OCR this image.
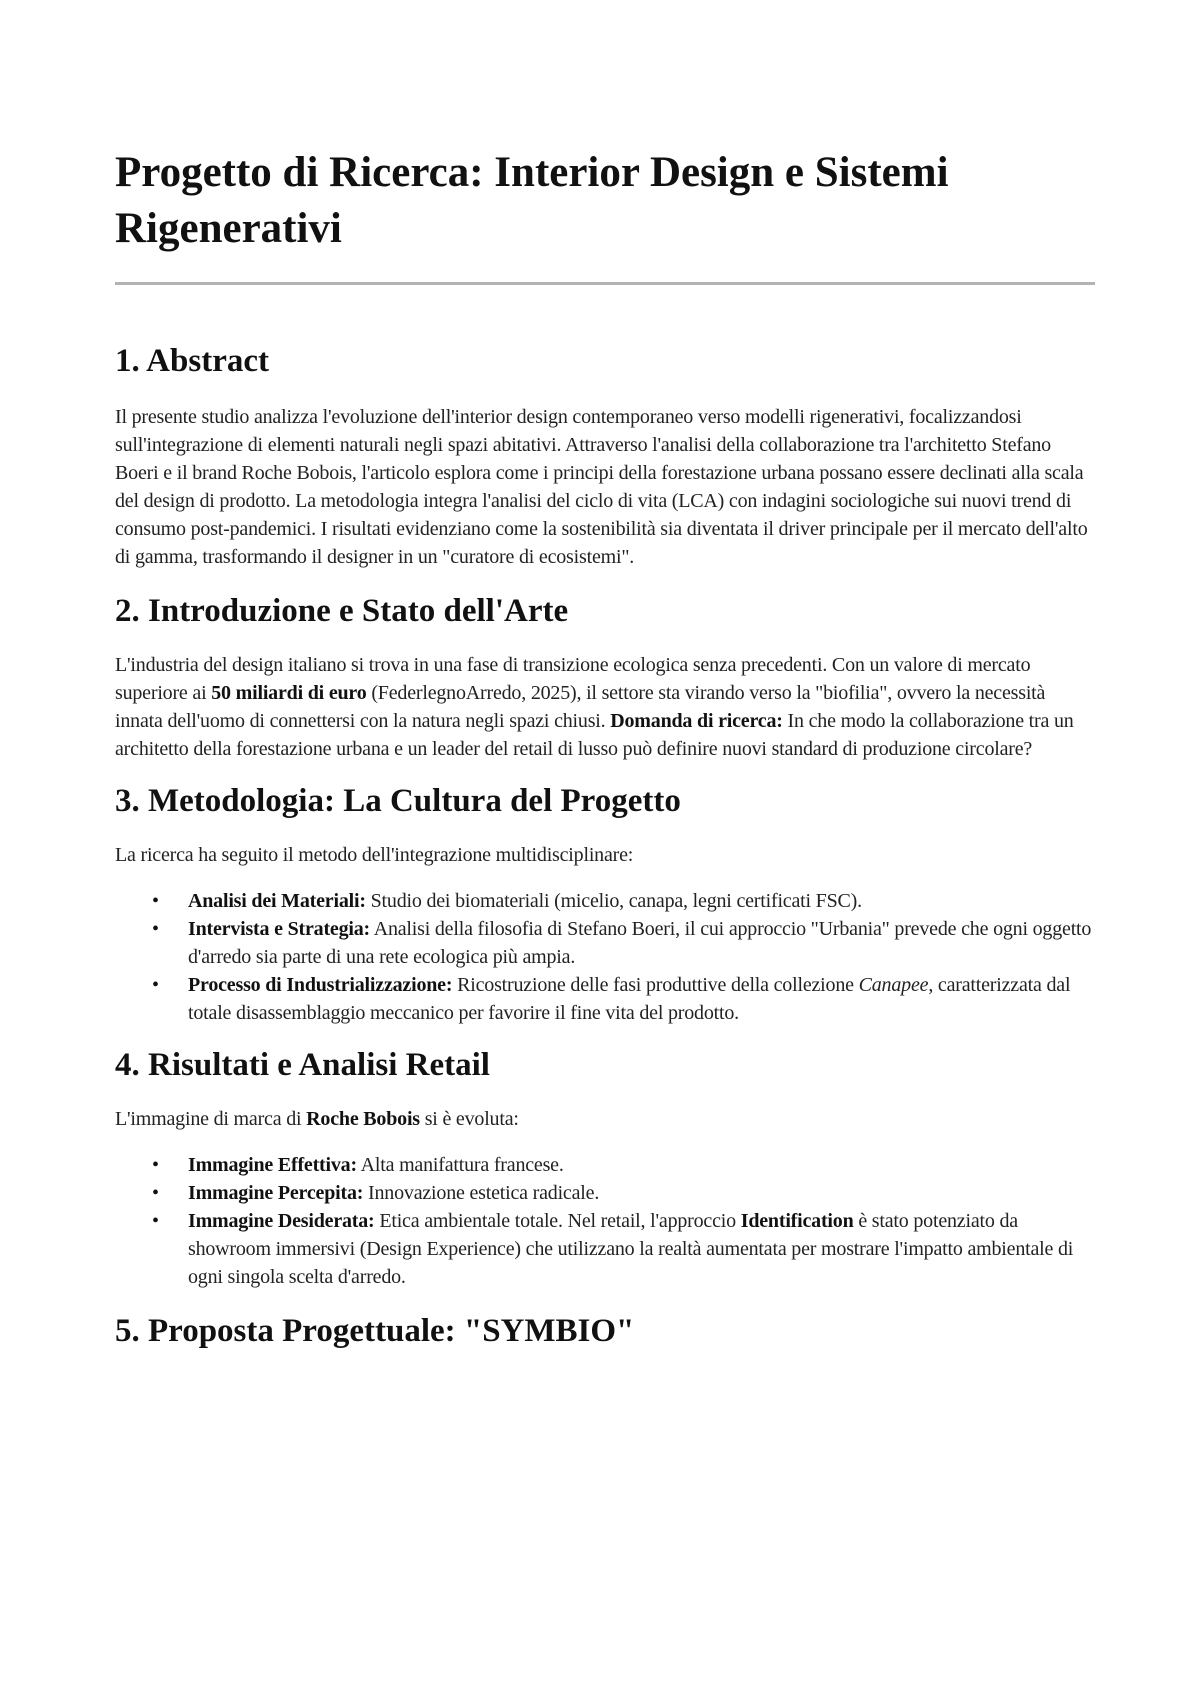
Progetto di Ricerca: Interior Design e Sistemi Rigenerativi
1. Abstract

Il presente studio analizza l'evoluzione dell'interior design contemporaneo verso modelli rigenerativi, focalizzandosi sull'integrazione di elementi naturali negli spazi abitativi. Attraverso l'analisi della collaborazione tra l'architetto Stefano Boeri e il brand Roche Bobois, l'articolo esplora come i principi della forestazione urbana possano essere declinati alla scala del design di prodotto. La metodologia integra l'analisi del ciclo di vita (LCA) con indagini sociologiche sui nuovi trend di consumo post-pandemici. I risultati evidenziano come la sostenibilità sia diventata il driver principale per il mercato dell'alto di gamma, trasformando il designer in un "curatore di ecosistemi".

2. Introduzione e Stato dell'Arte

L'industria del design italiano si trova in una fase di transizione ecologica senza precedenti. Con un valore di mercato superiore ai 50 miliardi di euro (FederlegnoArredo, 2025), il settore sta virando verso la "biofilia", ovvero la necessità innata dell'uomo di connettersi con la natura negli spazi chiusi. Domanda di ricerca: In che modo la collaborazione tra un architetto della forestazione urbana e un leader del retail di lusso può definire nuovi standard di produzione circolare?

3. Metodologia: La Cultura del Progetto

La ricerca ha seguito il metodo dell'integrazione multidisciplinare:

• Analisi dei Materiali: Studio dei biomateriali (micelio, canapa, legni certificati FSC).
• Intervista e Strategia: Analisi della filosofia di Stefano Boeri, il cui approccio "Urbania" prevede che ogni oggetto d'arredo sia parte di una rete ecologica più ampia.
• Processo di Industrializzazione: Ricostruzione delle fasi produttive della collezione Canapee, caratterizzata dal totale disassemblaggio meccanico per favorire il fine vita del prodotto.
4. Risultati e Analisi Retail

L'immagine di marca di Roche Bobois si è evoluta:

• Immagine Effettiva: Alta manifattura francese.
• Immagine Percepita: Innovazione estetica radicale.
• Immagine Desiderata: Etica ambientale totale. Nel retail, l'approccio Identification è stato potenziato da showroom immersivi (Design Experience) che utilizzano la realtà aumentata per mostrare l'impatto ambientale di ogni singola scelta d'arredo.
5. Proposta Progettuale: "SYMBIO"
